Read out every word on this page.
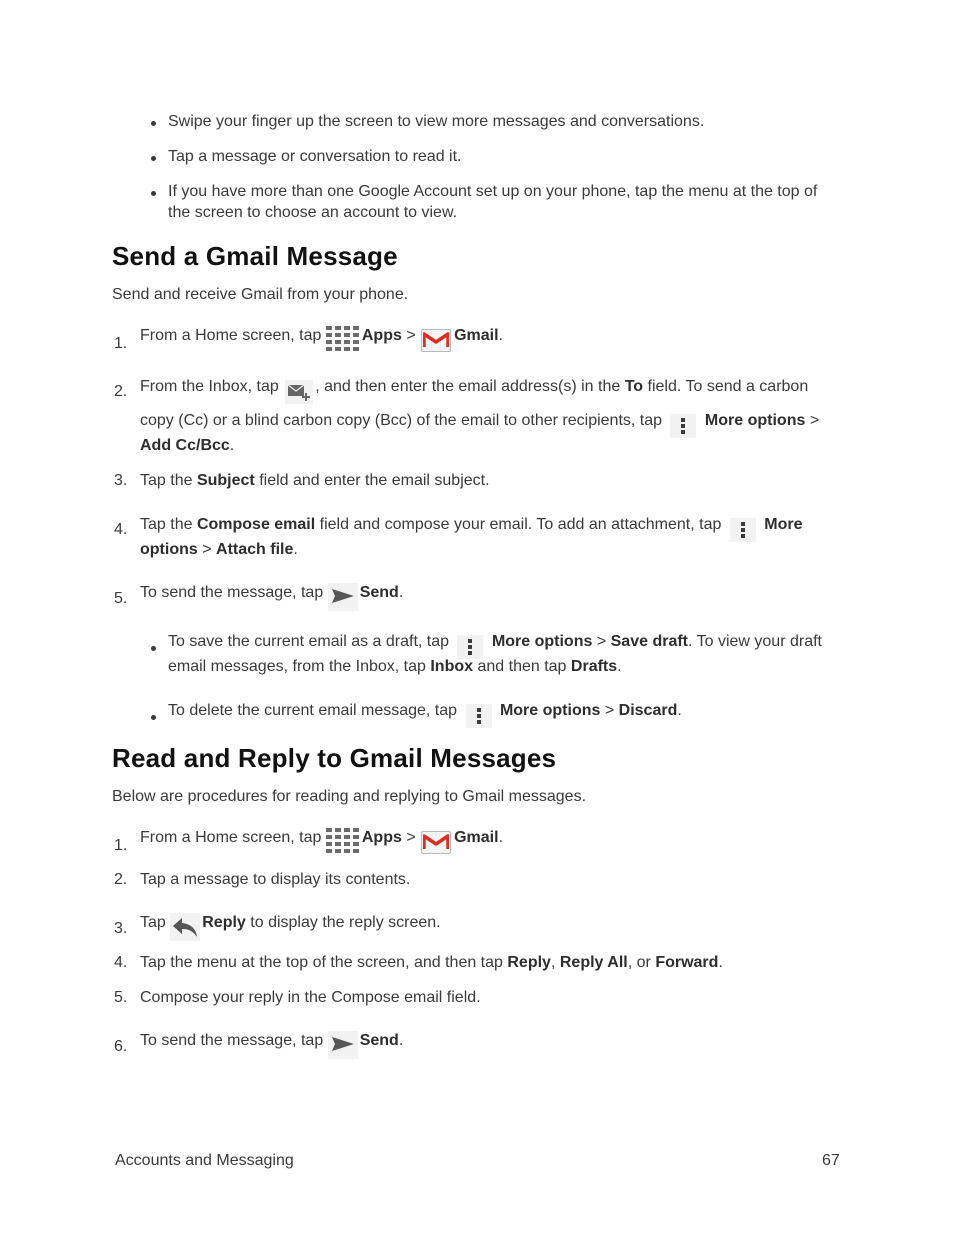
Swipe your finger up the screen to view more messages and conversations.
Tap a message or conversation to read it.
If you have more than one Google Account set up on your phone, tap the menu at the top of
the screen to choose an account to view.
Send a Gmail Message
Send and receive Gmail from your phone.
1. From a Home screen, tap	Apps > Gmail.
2. From the Inbox, tap , and then enter the email address(s) in the To field. To send a carbon
copy (Cc) or a blind carbon copy (Bcc) of the email to other recipients, tap	More options >
Add Cc/Bcc.
3. Tap the Subject field and enter the email subject.
4. Tap the Compose email field and compose your email. To add an attachment, tap	More
options > Attach file.
5. To send the message, tap Send.
To save the current email as a draft, tap	More options > Save draft. To view your draft
email messages, from the Inbox, tap Inbox and then tap Drafts.
To delete the current email message, tap	More options > Discard.
Read and Reply to Gmail Messages
Below are procedures for reading and replying to Gmail messages.
1. From a Home screen, tap	Apps > Gmail.
2. Tap a message to display its contents.
3. Tap Reply to display the reply screen.
4. Tap the menu at the top of the screen, and then tap Reply, Reply All, or Forward.
5. Compose your reply in the Compose email field.
6. To send the message, tap Send.
Accounts and Messaging	67
